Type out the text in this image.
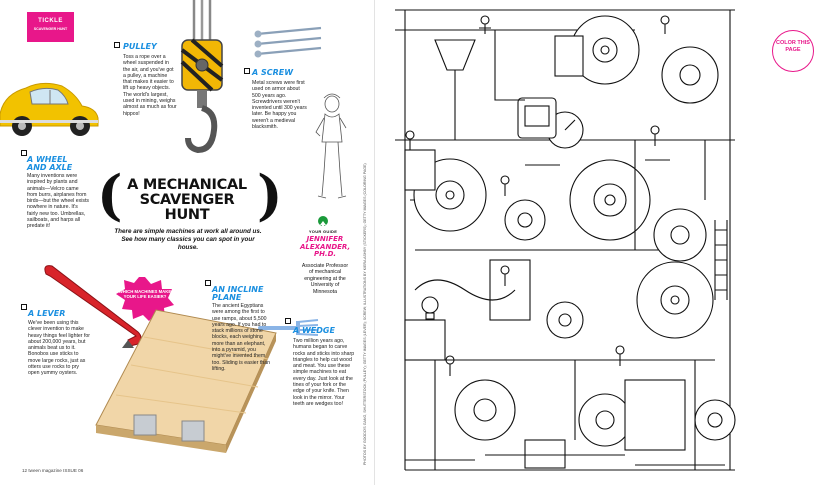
TICKLE
SCAVENGER HUNT
PULLEY
Toss a rope over a wheel suspended in the air, and you've got a pulley, a machine that makes it easier to lift up heavy objects. The world's largest, used in mining, weighs almost as much as four hippos!
A SCREW
Metal screws were first used on armor about 500 years ago. Screwdrivers weren't invented until 300 years later. Be happy you weren't a medieval blacksmith.
A WHEEL AND AXLE
Many inventions were inspired by plants and animals—Velcro came from burrs, airplanes from birds—but the wheel exists nowhere in nature. It's fairly new too. Umbrellas, sailboats, and harps all predate it! ( A MECHANICAL SCAVENGER HUNT )
There are simple machines at work all around us. See how many classics you can spot in your house.
YOUR GUIDE
JENNIFER ALEXANDER, PH.D.
Associate Professor of mechanical engineering at the University of Minnesota
WHICH MACHINES MAKE YOUR LIFE EASIER?
A LEVER
We've been using this clever invention to make heavy things feel lighter for about 200,000 years, but animals beat us to it. Bonobos use sticks to move large rocks, just as otters use rocks to pry open yummy oysters.
AN INCLINE PLANE
The ancient Egyptians were among the first to use ramps, about 5,500 years ago. If you had to stack millions of stone blocks, each weighing more than an elephant, into a pyramid, you might've invented them too. Sliding is easier than lifting.
A WEDGE
Two million years ago, humans began to carve rocks and sticks into sharp triangles to help cut wood and meat. You use these simple machines to eat every day. Just look at the tines of your fork or the edge of your knife. Then look in the mirror. Your teeth are wedges too!
12 tween magazine ISSUE 06
PHOTOS BY GOODO'S GANG, SHUTTERSTOCK (PULLEY); GETTY IMAGES (LEVER); SCREW; ILLUSTRATIONS BY KIERA ASHBY (STICKERS); GETTY IMAGES (COLORING PAGE)
COLOR THIS PAGE
